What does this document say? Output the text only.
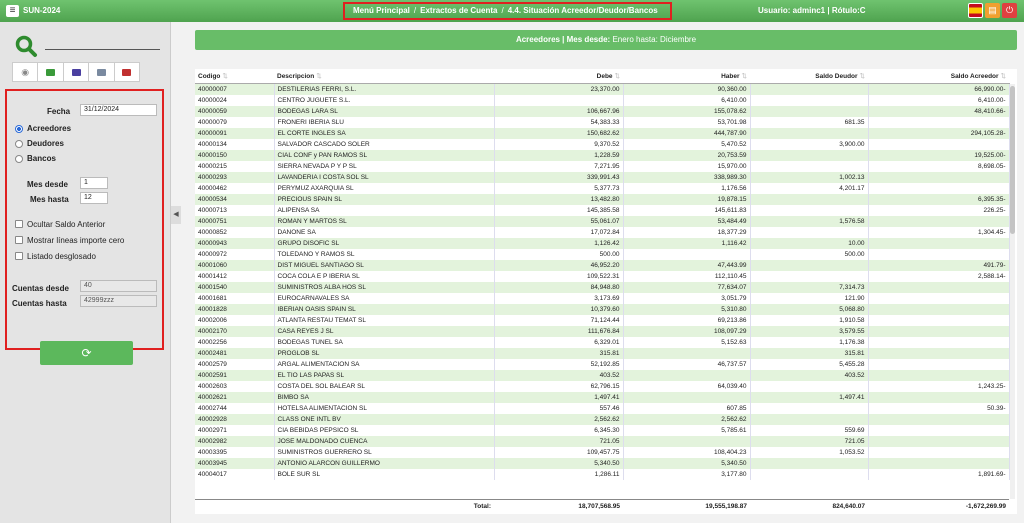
≡ SUN-2024	Menú Principal / Extractos de Cuenta / 4.4. Situación Acreedor/Deudor/Bancos	Usuario: adminc1 | Rótulo:C	▤ ⏻
◉
Fecha	31/12/2024
Acreedores
Deudores
Bancos
Mes desde	1
Mes hasta	12
Ocultar Saldo Anterior
Mostrar líneas importe cero
Listado desglosado
Cuentas desde	40
Cuentas hasta	42999zzz
⟳
◀
Acreedores | Mes desde: Enero hasta: Diciembre
Codigo ⇅	Descripcion ⇅	Debe ⇅	Haber ⇅	Saldo Deudor ⇅	Saldo Acreedor ⇅
40000007	DESTILERIAS FERRI, S.L.	23,370.00	90,360.00		66,990.00-
40000024	CENTRO JUGUETE S.L.		6,410.00		6,410.00-
40000059	BODEGAS LARA SL	106,667.96	155,078.62		48,410.66-
40000079	FRONERI IBERIA SLU	54,383.33	53,701.98	681.35	
40000091	EL CORTE INGLES SA	150,682.62	444,787.90		294,105.28-
40000134	SALVADOR CASCADO SOLER	9,370.52	5,470.52	3,900.00	
40000150	CIAL CONF y PAN RAMOS SL	1,228.59	20,753.59		19,525.00-
40000215	SIERRA NEVADA P Y P SL	7,271.95	15,970.00		8,698.05-
40000293	LAVANDERIA I COSTA SOL SL	339,991.43	338,989.30	1,002.13	
40000462	PERYMUZ AXARQUIA SL	5,377.73	1,176.56	4,201.17	
40000534	PRECIOUS SPAIN SL	13,482.80	19,878.15		6,395.35-
40000713	ALIPENSA SA	145,385.58	145,611.83		226.25-
40000751	ROMAN Y MARTOS SL	55,061.07	53,484.49	1,576.58	
40000852	DANONE SA	17,072.84	18,377.29		1,304.45-
40000943	GRUPO DISOFIC SL	1,126.42	1,116.42	10.00	
40000972	TOLEDANO Y RAMOS SL	500.00		500.00	
40001060	DIST MIGUEL SANTIAGO SL	46,952.20	47,443.99		491.79-
40001412	COCA COLA E P IBERIA SL	109,522.31	112,110.45		2,588.14-
40001540	SUMINISTROS ALBA HOS SL	84,948.80	77,634.07	7,314.73	
40001681	EUROCARNAVALES SA	3,173.69	3,051.79	121.90	
40001828	IBERIAN OASIS SPAIN SL	10,379.60	5,310.80	5,068.80	
40002006	ATLANTA RESTAU TEMAT SL	71,124.44	69,213.86	1,910.58	
40002170	CASA REYES J SL	111,676.84	108,097.29	3,579.55	
40002256	BODEGAS TUNEL SA	6,329.01	5,152.63	1,176.38	
40002481	PROGLOB SL	315.81		315.81	
40002579	ARGAL ALIMENTACION SA	52,192.85	46,737.57	5,455.28	
40002591	EL TIO LAS PAPAS SL	403.52		403.52	
40002603	COSTA DEL SOL BALEAR SL	62,796.15	64,039.40		1,243.25-
40002621	BIMBO SA	1,497.41		1,497.41	
40002744	HOTELSA ALIMENTACION SL	557.46	607.85		50.39-
40002928	CLASS ONE INTL BV	2,562.62	2,562.62		
40002971	CIA BEBIDAS PEPSICO SL	6,345.30	5,785.61	559.69	
40002982	JOSE MALDONADO CUENCA	721.05		721.05	
40003395	SUMINISTROS GUERRERO SL	109,457.75	108,404.23	1,053.52	
40003945	ANTONIO ALARCON GUILLERMO	5,340.50	5,340.50		
40004017	BOLE SUR SL	1,286.11	3,177.80		1,891.69-
Total:	18,707,568.95	19,555,198.87	824,640.07	-1,672,269.99
